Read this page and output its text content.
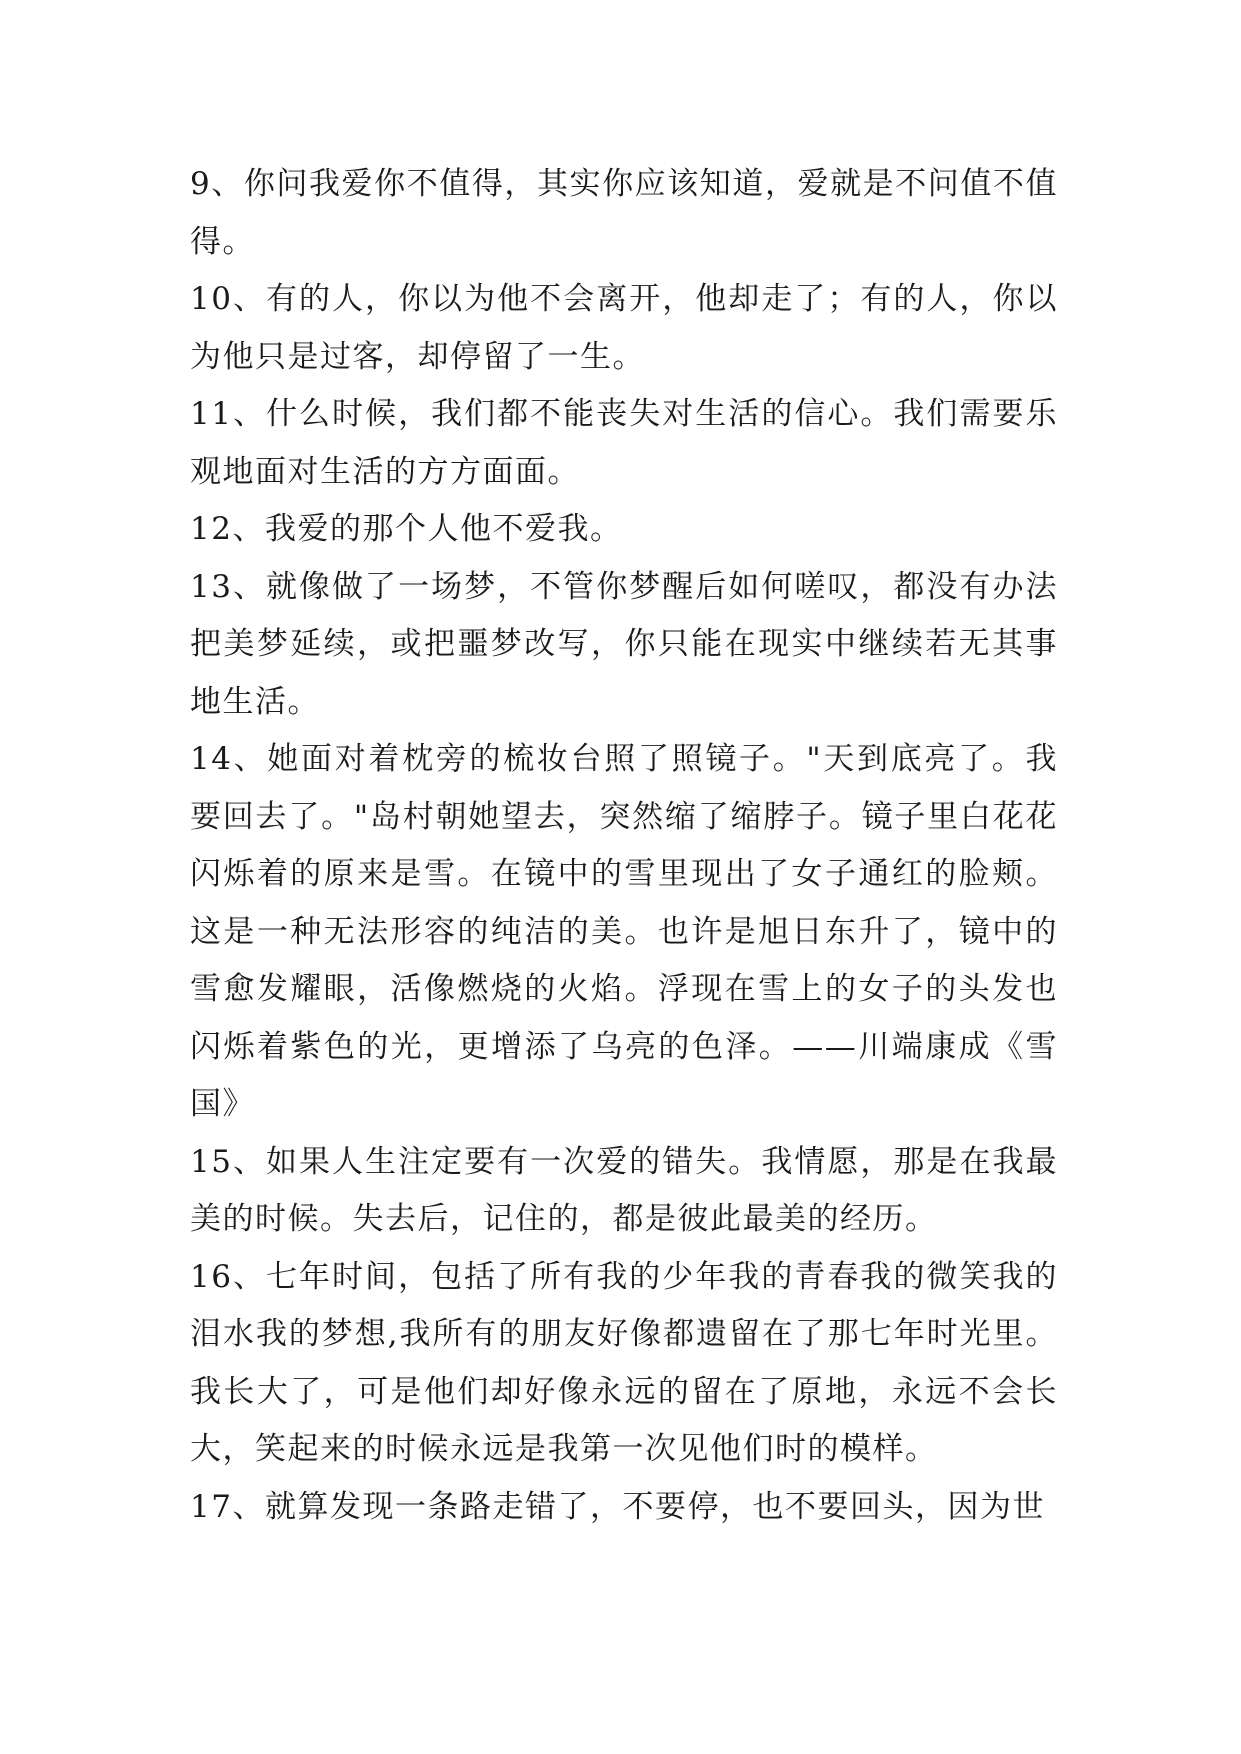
9、你问我爱你不值得，其实你应该知道，爱就是不问值不值得。

10、有的人，你以为他不会离开，他却走了；有的人，你以为他只是过客，却停留了一生。

11、什么时候，我们都不能丧失对生活的信心。我们需要乐观地面对生活的方方面面。

12、我爱的那个人他不爱我。

13、就像做了一场梦，不管你梦醒后如何嗟叹，都没有办法把美梦延续，或把噩梦改写，你只能在现实中继续若无其事地生活。

14、她面对着枕旁的梳妆台照了照镜子。"天到底亮了。我要回去了。"岛村朝她望去，突然缩了缩脖子。镜子里白花花闪烁着的原来是雪。在镜中的雪里现出了女子通红的脸颊。这是一种无法形容的纯洁的美。也许是旭日东升了，镜中的雪愈发耀眼，活像燃烧的火焰。浮现在雪上的女子的头发也闪烁着紫色的光，更增添了乌亮的色泽。——川端康成《雪国》

15、如果人生注定要有一次爱的错失。我情愿，那是在我最美的时候。失去后，记住的，都是彼此最美的经历。

16、七年时间，包括了所有我的少年我的青春我的微笑我的泪水我的梦想,我所有的朋友好像都遗留在了那七年时光里。我长大了，可是他们却好像永远的留在了原地，永远不会长大，笑起来的时候永远是我第一次见他们时的模样。

17、就算发现一条路走错了，不要停，也不要回头，因为世
